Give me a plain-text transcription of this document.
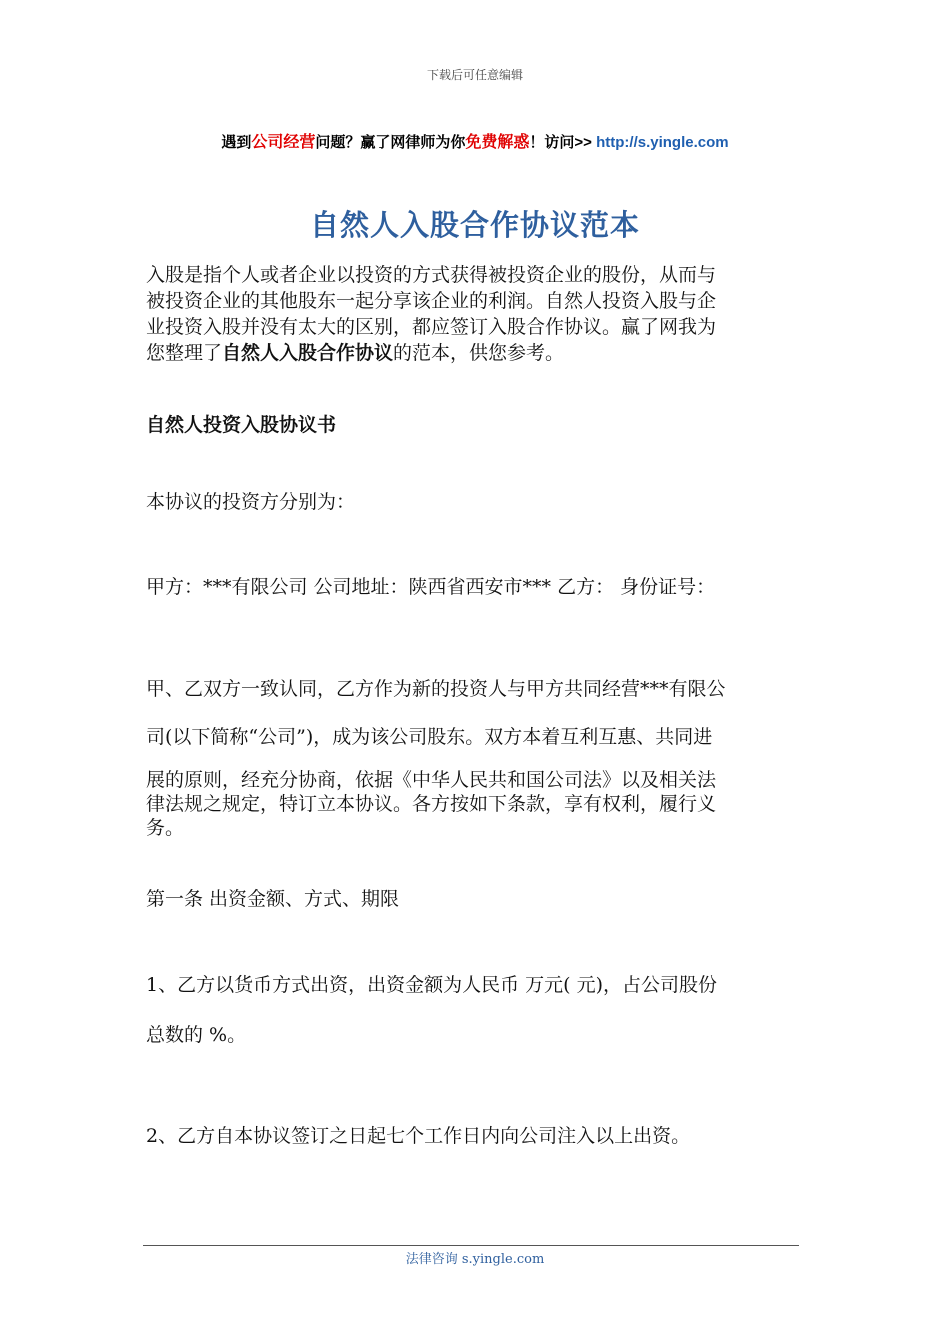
下载后可任意编辑
遇到公司经营问题？赢了网律师为你免费解惑！访问>> http://s.yingle.com
自然人入股合作协议范本
入股是指个人或者企业以投资的方式获得被投资企业的股份，从而与
被投资企业的其他股东一起分享该企业的利润。自然人投资入股与企
业投资入股并没有太大的区别，都应签订入股合作协议。赢了网我为
您整理了自然人入股合作协议的范本，供您参考。
自然人投资入股协议书
本协议的投资方分别为：
甲方：***有限公司 公司地址：陕西省西安市*** 乙方： 身份证号：
甲、乙双方一致认同，乙方作为新的投资人与甲方共同经营***有限公
司(以下简称“公司”)，成为该公司股东。双方本着互利互惠、共同进
展的原则，经充分协商，依据《中华人民共和国公司法》以及相关法
律法规之规定，特订立本协议。各方按如下条款，享有权利，履行义
务。
第一条 出资金额、方式、期限
1、乙方以货币方式出资，出资金额为人民币 万元( 元)，占公司股份
总数的 %。
2、乙方自本协议签订之日起七个工作日内向公司注入以上出资。
法律咨询 s.yingle.com
